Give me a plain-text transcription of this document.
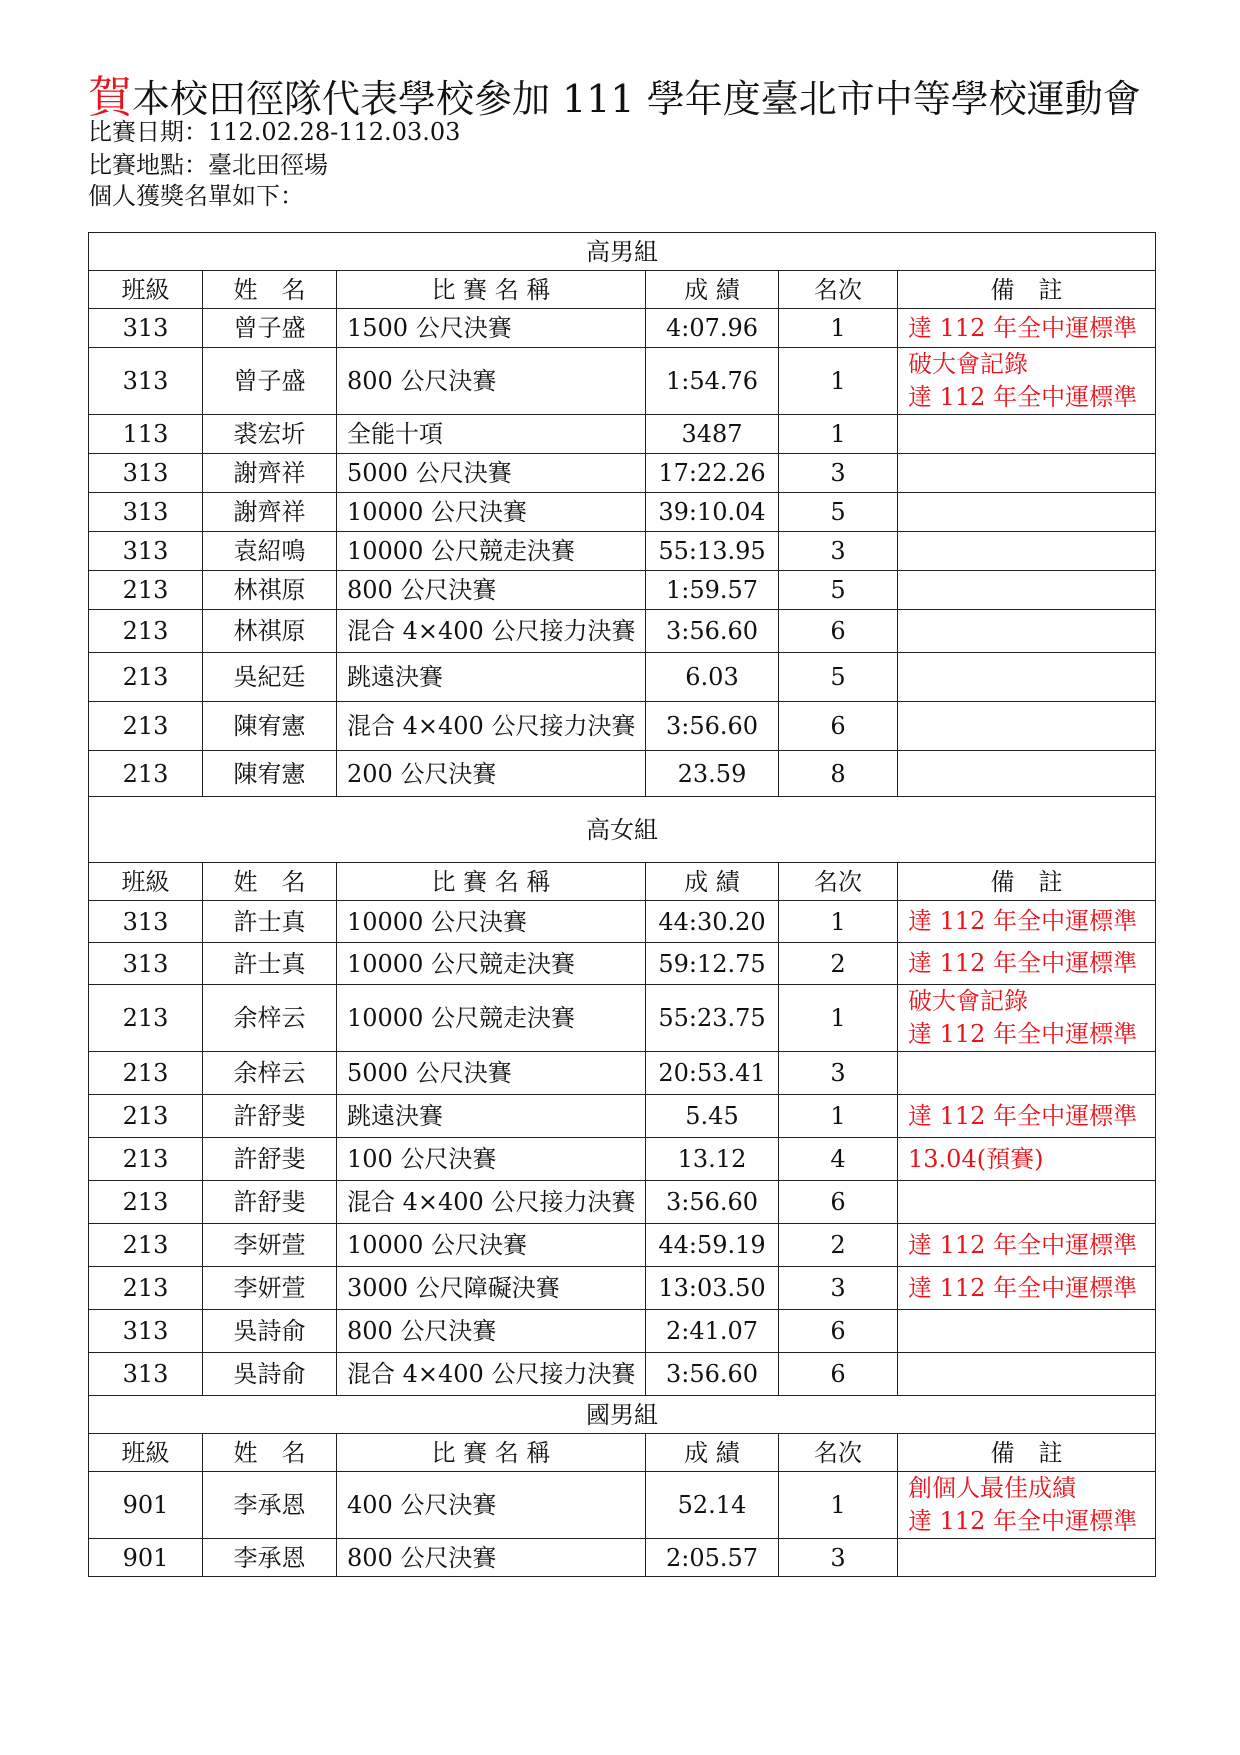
賀本校田徑隊代表學校參加 111 學年度臺北市中等學校運動會
比賽日期：112.02.28-112.03.03
比賽地點：臺北田徑場
個人獲獎名單如下：
高男組					
班級	姓　名	比 賽 名 稱	成 績	名次	備　註
313	曾子盛	1500 公尺決賽	4:07.96	1	達 112 年全中運標準

313	曾子盛	800 公尺決賽	1:54.76	1	破大會記錄
達 112 年全中運標準

113	裘宏圻	全能十項	3487	1	
313	謝齊祥	5000 公尺決賽	17:22.26	3	
313	謝齊祥	10000 公尺決賽	39:10.04	5	
313	袁紹鳴	10000 公尺競走決賽	55:13.95	3	
213	林祺原	800 公尺決賽	1:59.57	5	
213	林祺原	混合 4×400 公尺接力決賽	3:56.60	6	
213	吳紀廷	跳遠決賽	6.03	5	
213	陳宥憲	混合 4×400 公尺接力決賽	3:56.60	6	
213	陳宥憲	200 公尺決賽	23.59	8	
高女組					
班級	姓　名	比 賽 名 稱	成 績	名次	備　註
313	許士真	10000 公尺決賽	44:30.20	1	達 112 年全中運標準

313	許士真	10000 公尺競走決賽	59:12.75	2	達 112 年全中運標準

213	余梓云	10000 公尺競走決賽	55:23.75	1	破大會記錄
達 112 年全中運標準

213	余梓云	5000 公尺決賽	20:53.41	3	
213	許舒斐	跳遠決賽	5.45	1	達 112 年全中運標準

213	許舒斐	100 公尺決賽	13.12	4	13.04(預賽)

213	許舒斐	混合 4×400 公尺接力決賽	3:56.60	6	
213	李妍萱	10000 公尺決賽	44:59.19	2	達 112 年全中運標準

213	李妍萱	3000 公尺障礙決賽	13:03.50	3	達 112 年全中運標準

313	吳詩俞	800 公尺決賽	2:41.07	6	
313	吳詩俞	混合 4×400 公尺接力決賽	3:56.60	6	
國男組					
班級	姓　名	比 賽 名 稱	成 績	名次	備　註
901	李承恩	400 公尺決賽	52.14	1	創個人最佳成績
達 112 年全中運標準

901	李承恩	800 公尺決賽	2:05.57	3	
